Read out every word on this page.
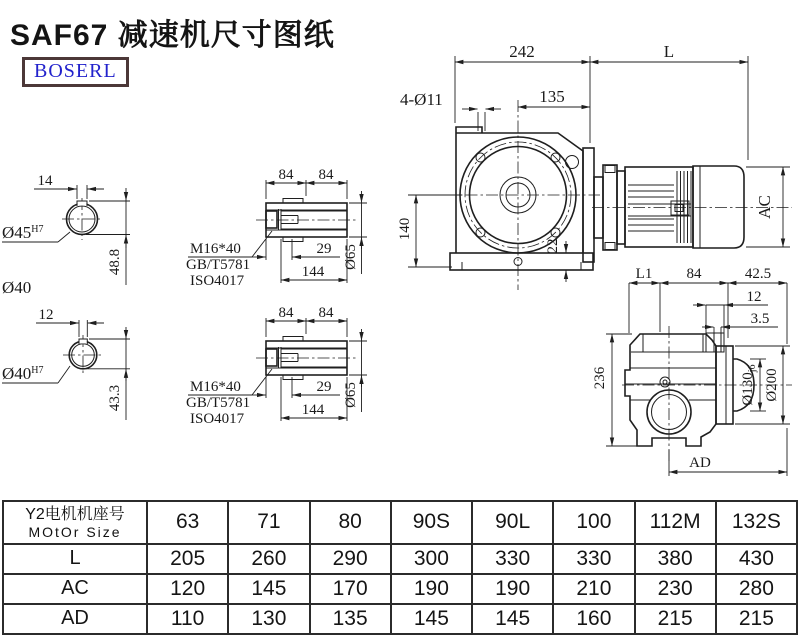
SAF67 减速机尺寸图纸
BOSERL
14
48.8
$Ø45^{H7}$
Ø40
12
43.3
$Ø40^{H7}$
84 84
29
144
Ø65
M16*40
GB/T5781
ISO4017
84 84
29
144
Ø65
M16*40
GB/T5781
ISO4017
242	L
135
4-Ø11
140
AC
22
L1 84	42.5
12
3.5
236	$Ø130_{j6}$ Ø200
AD
Y2电机机座号
MOtOr Size	63	71	80	90S	90L	100	112M	132S
L	205	260	290	300	330	330	380	430
AC	120	145	170	190	190	210	230	280
AD	110	130	135	145	145	160	215	215
